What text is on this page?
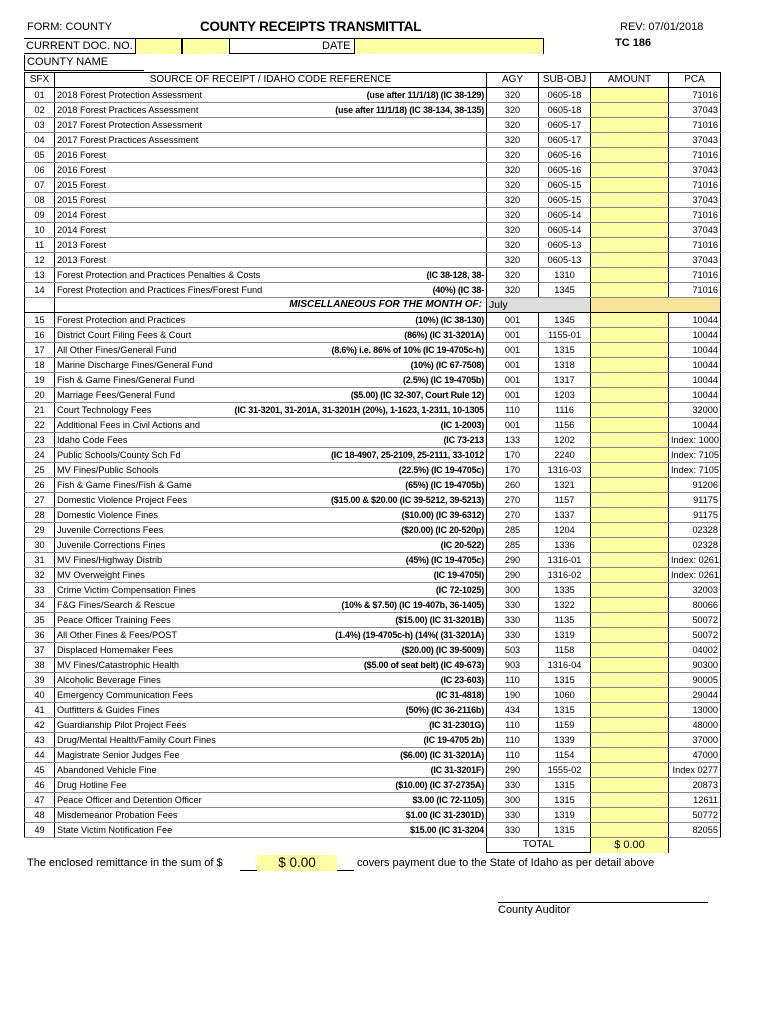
FORM: COUNTY	COUNTY RECEIPTS TRANSMITTAL	REV: 07/01/2018
TC 186
CURRENT DOC. NO.	DATE
COUNTY NAME
SFX	SOURCE OF RECEIPT / IDAHO CODE REFERENCE	AGY	SUB-OBJ	AMOUNT	PCA
01	2018 Forest Protection Assessment (use after 11/1/18) (IC 38-129)	320	0605-18		71016
02	2018 Forest Practices Assessment (use after 11/1/18) (IC 38-134, 38-135)	320	0605-18		37043
03	2017 Forest Protection Assessment	320	0605-17		71016
04	2017 Forest Practices Assessment	320	0605-17		37043
05	2016 Forest	320	0605-16		71016
06	2016 Forest	320	0605-16		37043
07	2015 Forest	320	0605-15		71016
08	2015 Forest	320	0605-15		37043
09	2014 Forest	320	0605-14		71016
10	2014 Forest	320	0605-14		37043
11	2013 Forest	320	0605-13		71016
12	2013 Forest	320	0605-13		37043
13	Forest Protection and Practices Penalties & Costs (IC 38-128, 38-	320	1310		71016
14	Forest Protection and Practices Fines/Forest Fund (40%) (IC 38-	320	1345		71016

	MISCELLANEOUS FOR THE MONTH OF:	July			
15	Forest Protection and Practices (10%) (IC 38-130)	001	1345		10044
16	District Court Filing Fees & Court (86%) (IC 31-3201A)	001	1155-01		10044
17	All Other Fines/General Fund (8.6%) i.e. 86% of 10% (IC 19-4705c-h)	001	1315		10044
18	Marine Discharge Fines/General Fund (10%) (IC 67-7508)	001	1318		10044
19	Fish & Game Fines/General Fund (2.5%) (IC 19-4705b)	001	1317		10044
20	Marriage Fees/General Fund ($5.00) (IC 32-307, Court Rule 12)	001	1203		10044
21	Court Technology Fees (IC 31-3201, 31-201A, 31-3201H (20%), 1-1623, 1-2311, 10-1305	110	1116		32000
22	Additional Fees in Civil Actions and (IC 1-2003)	001	1156		10044
23	Idaho Code Fees (IC 73-213	133	1202		Index: 1000
24	Public Schools/County Sch Fd (IC 18-4907, 25-2109, 25-2111, 33-1012	170	2240		Index: 7105
25	MV Fines/Public Schools (22.5%) (IC 19-4705c)	170	1316-03		Index: 7105
26	Fish & Game Fines/Fish & Game (65%) (IC 19-4705b)	260	1321		91206
27	Domestic Violence Project Fees ($15.00 & $20.00 (IC 39-5212, 39-5213)	270	1157		91175
28	Domestic Violence Fines ($10.00) (IC 39-6312)	270	1337		91175
29	Juvenile Corrections Fees ($20.00) (IC 20-520p)	285	1204		02328
30	Juvenile Corrections Fines (IC 20-522)	285	1336		02328
31	MV Fines/Highway Distrib (45%) (IC 19-4705c)	290	1316-01		Index: 0261
32	MV Overweight Fines (IC 19-4705l)	290	1316-02		Index: 0261
33	Crime Victim Compensation Fines (IC 72-1025)	300	1335		32003
34	F&G Fines/Search & Rescue (10% & $7.50) (IC 19-407b, 36-1405)	330	1322		80066
35	Peace Officer Training Fees ($15.00) (IC 31-3201B)	330	1135		50072
36	All Other Fines & Fees/POST (1.4%) (19-4705c-h) (14%( (31-3201A)	330	1319		50072
37	Displaced Homemaker Fees ($20.00) (IC 39-5009)	503	1158		04002
38	MV Fines/Catastrophic Health ($5.00 of seat belt) (IC 49-673)	903	1316-04		90300
39	Alcoholic Beverage Fines (IC 23-603)	110	1315		90005
40	Emergency Communication Fees (IC 31-4818)	190	1060		29044
41	Outfitters & Guides Fines (50%) (IC 36-2116b)	434	1315		13000
42	Guardianship Pilot Project Fees (IC 31-2301G)	110	1159		48000
43	Drug/Mental Health/Family Court Fines (IC 19-4705 2b)	110	1339		37000
44	Magistrate Senior Judges Fee ($6.00) (IC 31-3201A)	110	1154		47000
45	Abandoned Vehicle Fine (IC 31-3201F)	290	1555-02		Index 0277
46	Drug Hotline Fee ($10.00) (IC 37-2735A)	330	1315		20873
47	Peace Officer and Detention Officer $3.00 (IC 72-1105)	300	1315		12611
48	Misdemeanor Probation Fees $1.00 (IC 31-2301D)	330	1319		50772
49	State Victim Notification Fee $15.00 (IC 31-3204	330	1315		82055
		TOTAL		$ 0.00	
The enclosed remittance in the sum of $	$ 0.00	covers payment due to the State of Idaho as per detail above
County Auditor
